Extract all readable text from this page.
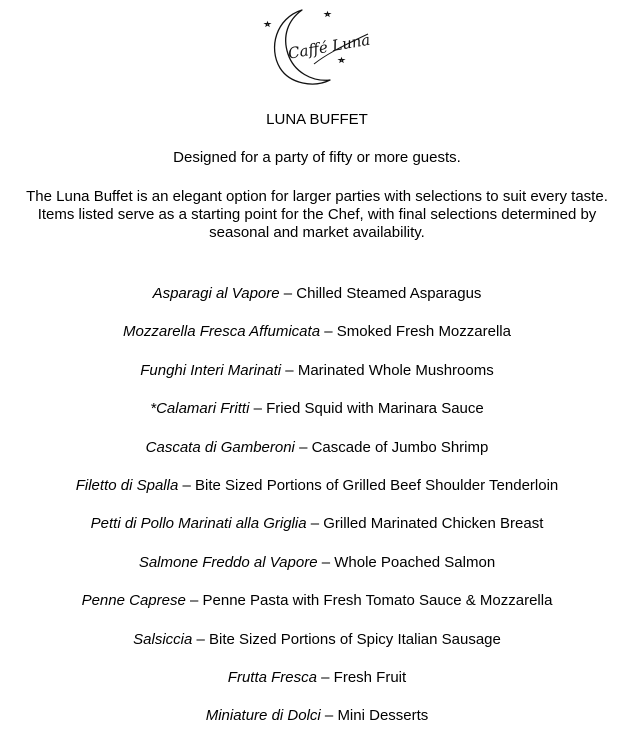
Caffé Luna
LUNA BUFFET
Designed for a party of fifty or more guests.
The Luna Buffet is an elegant option for larger parties with selections to suit every taste. Items listed serve as a starting point for the Chef, with final selections determined by seasonal and market availability.
Asparagi al Vapore – Chilled Steamed Asparagus
Mozzarella Fresca Affumicata – Smoked Fresh Mozzarella
Funghi Interi Marinati – Marinated Whole Mushrooms
*Calamari Fritti – Fried Squid with Marinara Sauce
Cascata di Gamberoni – Cascade of Jumbo Shrimp
Filetto di Spalla – Bite Sized Portions of Grilled Beef Shoulder Tenderloin
Petti di Pollo Marinati alla Griglia – Grilled Marinated Chicken Breast
Salmone Freddo al Vapore – Whole Poached Salmon
Penne Caprese – Penne Pasta with Fresh Tomato Sauce & Mozzarella
Salsiccia – Bite Sized Portions of Spicy Italian Sausage
Frutta Fresca – Fresh Fruit
Miniature di Dolci – Mini Desserts
